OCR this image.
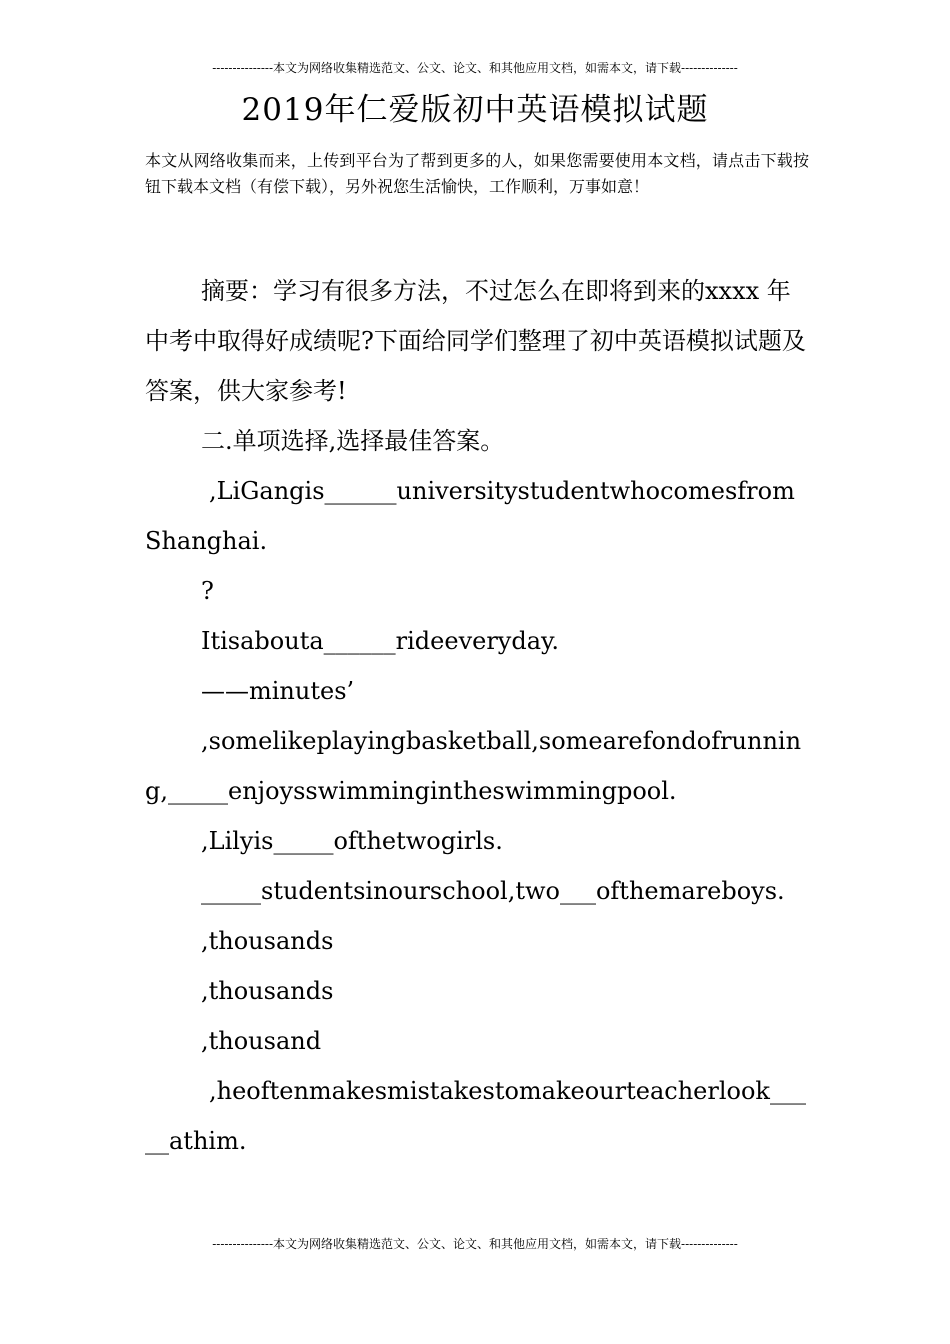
---------------本文为网络收集精选范文、公文、论文、和其他应用文档，如需本文，请下载--------------
2019年仁爱版初中英语模拟试题
本文从网络收集而来，上传到平台为了帮到更多的人，如果您需要使用本文档，请点击下载按钮下载本文档（有偿下载），另外祝您生活愉快，工作顺利，万事如意！

摘要：学习有很多方法，不过怎么在即将到来的xxxx 年中考中取得好成绩呢?下面给同学们整理了初中英语模拟试题及答案，供大家参考!

二.单项选择,选择最佳答案。

,LiGangis______universitystudentwhocomesfromShanghai.

?

Itisabouta______rideeveryday.

——minutes’

,somelikeplayingbasketball,somearefondofrunning,_____enjoysswimmingintheswimmingpool.

,Lilyis_____ofthetwogirls.

_____studentsinourschool,two___ofthemareboys.

,thousands

,thousands

,thousand

,heoftenmakesmistakestomakeourteacherlook_____athim.

---------------本文为网络收集精选范文、公文、论文、和其他应用文档，如需本文，请下载--------------
